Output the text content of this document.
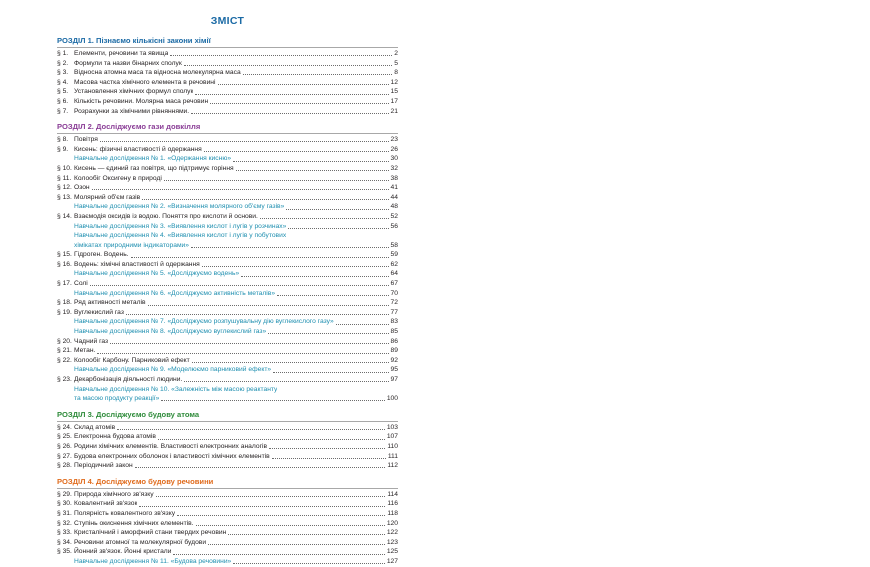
ЗМІСТ
РОЗДІЛ 1. Пізнаємо кількісні закони хімії
§ 1. Елементи, речовини та явища	2
§ 2. Формули та назви бінарних сполук	5
§ 3. Відносна атомна маса та відносна молекулярна маса	8
§ 4. Масова частка хімічного елемента в речовині	12
§ 5. Установлення хімічних формул сполук	15
§ 6. Кількість речовини. Молярна маса речовин	17
§ 7. Розрахунки за хімічними рівняннями.	21
РОЗДІЛ 2. Досліджуємо гази довкілля
§ 8. Повітря	23
§ 9. Кисень: фізичні властивості й одержання	26
Навчальне дослідження № 1. «Одержання кисню»	30
§ 10. Кисень — єдиний газ повітря, що підтримує горіння	32
§ 11. Колообіг Оксигену в природі	38
§ 12. Озон	41
§ 13. Молярний об'єм газів	44
Навчальне дослідження № 2. «Визначення молярного об'єму газів»	48
§ 14. Взаємодія оксидів із водою. Поняття про кислоти й основи.	52
Навчальне дослідження № 3. «Виявлення кислот і лугів у розчинах»	56
Навчальне дослідження № 4. «Виявлення кислот і лугів у побутових
хімікатах природними індикаторами»	58
§ 15. Гідроген. Водень.	59
§ 16. Водень: хімічні властивості й одержання	62
Навчальне дослідження № 5. «Досліджуємо водень»	64
§ 17. Солі	67
Навчальне дослідження № 6. «Досліджуємо активність металів»	70
§ 18. Ряд активності металів	72
§ 19. Вуглекислий газ	77
Навчальне дослідження № 7. «Досліджуємо розпушувальну дію вуглекислого газу»	83
Навчальне дослідження № 8. «Досліджуємо вуглекислий газ»	85
§ 20. Чадний газ	86
§ 21. Метан.	89
§ 22. Колообіг Карбону. Парниковий ефект	92
Навчальне дослідження № 9. «Моделюємо парниковий ефект»	95
§ 23. Декарбонізація діяльності людини.	97
Навчальне дослідження № 10. «Залежність між масою реактанту
та масою продукту реакції»	100
РОЗДІЛ 3. Досліджуємо будову атома
§ 24. Склад атомів	103
§ 25. Електронна будова атомів	107
§ 26. Родини хімічних елементів. Властивості електронних аналогів	110
§ 27. Будова електронних оболонок і властивості хімічних елементів	111
§ 28. Періодичний закон	112
РОЗДІЛ 4. Досліджуємо будову речовини
§ 29. Природа хімічного зв'язку	114
§ 30. Ковалентний зв'язок	116
§ 31. Полярність ковалентного зв'язку	118
§ 32. Ступінь окиснення хімічних елементів.	120
§ 33. Кристалічний і аморфний стани твердих речовин	122
§ 34. Речовини атомної та молекулярної будови	123
§ 35. Йонний зв'язок. Йонні кристали	125
Навчальне дослідження № 11. «Будова речовини»	127
